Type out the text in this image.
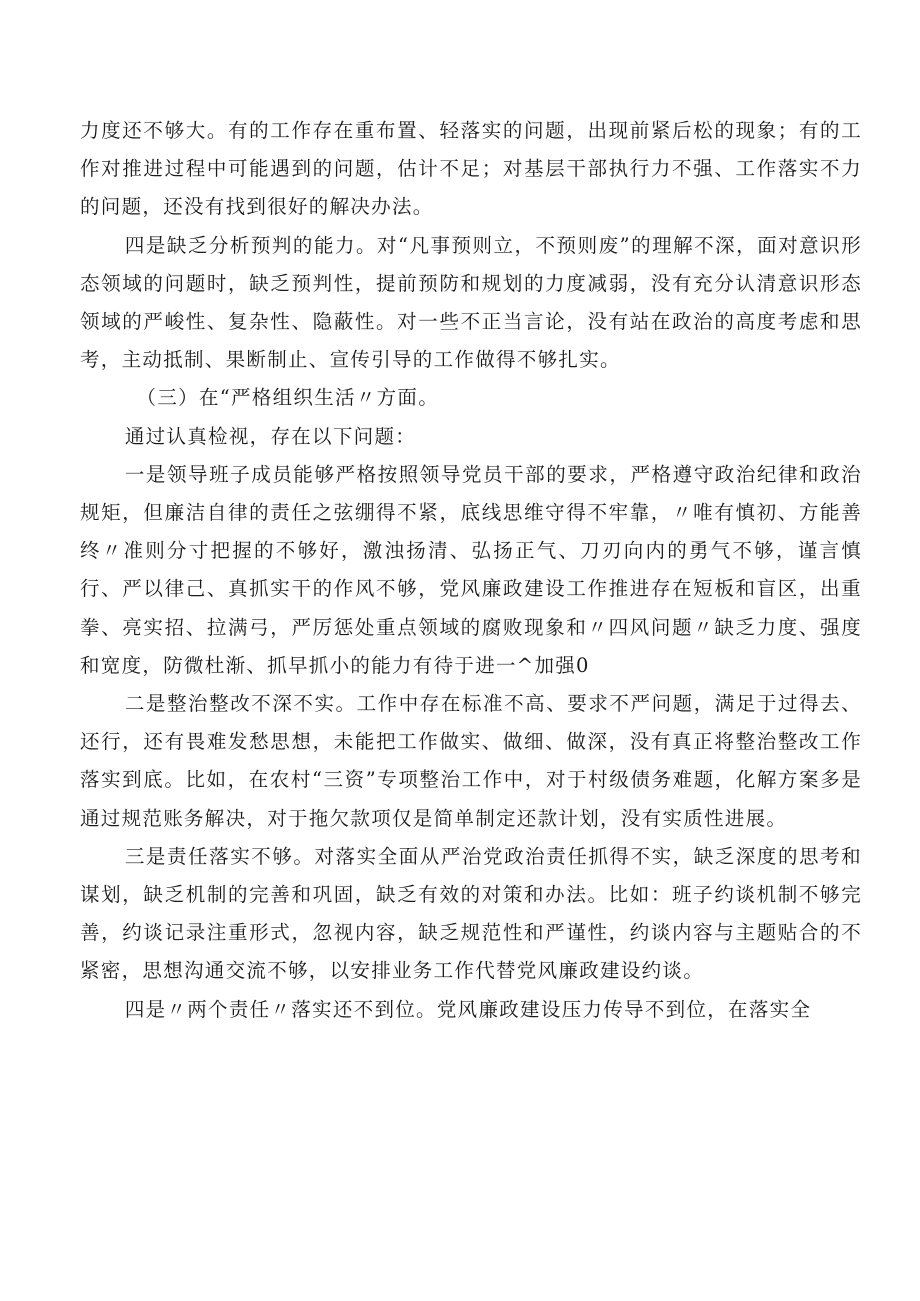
力度还不够大。有的工作存在重布置、轻落实的问题，出现前紧后松的现象；有的工作对推进过程中可能遇到的问题，估计不足；对基层干部执行力不强、工作落实不力的问题，还没有找到很好的解决办法。

四是缺乏分析预判的能力。对“凡事预则立，不预则废”的理解不深，面对意识形态领域的问题时，缺乏预判性，提前预防和规划的力度减弱，没有充分认清意识形态领域的严峻性、复杂性、隐蔽性。对一些不正当言论，没有站在政治的高度考虑和思考，主动抵制、果断制止、宣传引导的工作做得不够扎实。

（三）在“严格组织生活〃方面。

通过认真检视，存在以下问题：

一是领导班子成员能够严格按照领导党员干部的要求，严格遵守政治纪律和政治规矩，但廉洁自律的责任之弦绷得不紧，底线思维守得不牢靠，〃唯有慎初、方能善终〃准则分寸把握的不够好，激浊扬清、弘扬正气、刀刃向内的勇气不够，谨言慎行、严以律己、真抓实干的作风不够，党风廉政建设工作推进存在短板和盲区，出重拳、亮实招、拉满弓，严厉惩处重点领域的腐败现象和〃四风问题〃缺乏力度、强度和宽度，防微杜渐、抓早抓小的能力有待于进一^加强0

二是整治整改不深不实。工作中存在标准不高、要求不严问题，满足于过得去、还行，还有畏难发愁思想，未能把工作做实、做细、做深，没有真正将整治整改工作落实到底。比如，在农村“三资”专项整治工作中，对于村级债务难题，化解方案多是通过规范账务解决，对于拖欠款项仅是简单制定还款计划，没有实质性进展。

三是责任落实不够。对落实全面从严治党政治责任抓得不实，缺乏深度的思考和谋划，缺乏机制的完善和巩固，缺乏有效的对策和办法。比如：班子约谈机制不够完善，约谈记录注重形式，忽视内容，缺乏规范性和严谨性，约谈内容与主题贴合的不紧密，思想沟通交流不够，以安排业务工作代替党风廉政建设约谈。

四是〃两个责任〃落实还不到位。党风廉政建设压力传导不到位，在落实全
